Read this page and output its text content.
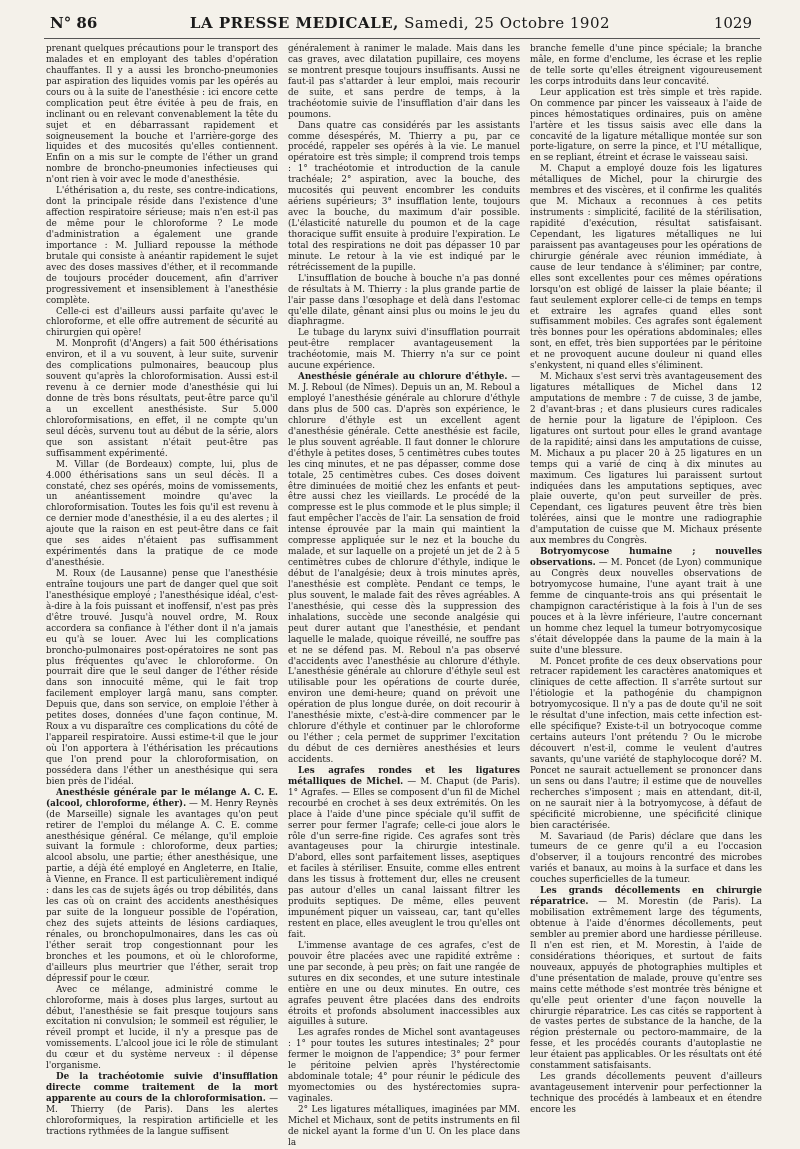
N° 86	LA PRESSE MEDICALE, Samedi, 25 Octobre 1902	1029

prenant quelques précautions pour le transport des malades et en employant des tables d'opération chauffantes. Il y a aussi les broncho-pneumonies par aspiration des liquides vomis par les opérés au cours ou à la suite de l'anesthésie : ici encore cette complication peut être évitée à peu de frais, en inclinant ou en relevant convenablement la tête du sujet et en débarrassant rapidement et soigneusement la bouche et l'arrière-gorge des liquides et des mucosités qu'elles contiennent. Enfin on a mis sur le compte de l'éther un grand nombre de broncho-pneumonies infectieuses qui n'ont rien à voir avec le mode d'anesthésie.

L'éthérisation a, du reste, ses contre-indications, dont la principale réside dans l'existence d'une affection respiratoire sérieuse; mais n'en est-il pas de même pour le chloroforme ? Le mode d'administration a également une grande importance : M. Julliard repousse la méthode brutale qui consiste à anéantir rapidement le sujet avec des doses massives d'éther, et il recommande de toujours procéder doucement, afin d'arriver progressivement et insensiblement à l'anesthésie complète.

Celle-ci est d'ailleurs aussi parfaite qu'avec le chloroforme, et elle offre autrement de sécurité au chirurgien qui opère!

M. Monprofit (d'Angers) a fait 500 éthérisations environ, et il a vu souvent, à leur suite, survenir des complications pulmonaires, beaucoup plus souvent qu'après la chloroformisation. Aussi est-il revenu à ce dernier mode d'anesthésie qui lui donne de très bons résultats, peut-être parce qu'il a un excellent anesthésiste. Sur 5.000 chloroformisations, en effet, il ne compte qu'un seul décès, survenu tout au début de la série, alors que son assistant n'était peut-être pas suffisamment expérimenté.

M. Villar (de Bordeaux) compte, lui, plus de 4.000 éthérisations sans un seul décès. Il a constaté, chez ses opérés, moins de vomissements, un anéantissement moindre qu'avec la chloroformisation. Toutes les fois qu'il est revenu à ce dernier mode d'anesthésie, il a eu des alertes ; il ajoute que la raison en est peut-être dans ce fait que ses aides n'étaient pas suffisamment expérimentés dans la pratique de ce mode d'anesthésie.

M. Roux (de Lausanne) pense que l'anesthésie entraîne toujours une part de danger quel que soit l'anesthésique employé ; l'anesthésique idéal, c'est-à-dire à la fois puissant et inoffensif, n'est pas près d'être trouvé. Jusqu'à nouvel ordre, M. Roux accordera sa confiance à l'éther dont il n'a jamais eu qu'à se louer. Avec lui les complications broncho-pulmonaires post-opératoires ne sont pas plus fréquentes qu'avec le chloroforme. On pourrait dire que le seul danger de l'éther réside dans son innocuité même, qui le fait trop facilement employer largâ manu, sans compter. Depuis que, dans son service, on emploie l'éther à petites doses, données d'une façon continue, M. Roux a vu disparaître ces complications du côté de l'appareil respiratoire. Aussi estime-t-il que le jour où l'on apportera à l'éthérisation les précautions que l'on prend pour la chloroformisation, on possédera dans l'éther un anesthésique qui sera bien près de l'idéal.

Anesthésie générale par le mélange A. C. E. (alcool, chloroforme, éther). — M. Henry Reynès (de Marseille) signale les avantages qu'on peut retirer de l'emploi du mélange A. C. E. comme anesthésique général. Ce mélange, qu'il emploie suivant la formule : chloroforme, deux parties; alcool absolu, une partie; éther anesthésique, une partie, a déjà été employé en Angleterre, en Italie, à Vienne, en France. Il est particulièrement indiqué : dans les cas de sujets âgés ou trop débilités, dans les cas où on craint des accidents anesthésiques par suite de la longueur possible de l'opération, chez des sujets atteints de lésions cardiaques, rénales, ou bronchopulmonaires, dans les cas où l'éther serait trop congestionnant pour les bronches et les poumons, et où le chloroforme, d'ailleurs plus meurtrier que l'éther, serait trop dépressif pour le cœur.

Avec ce mélange, administré comme le chloroforme, mais à doses plus larges, surtout au début, l'anesthésie se fait presque toujours sans excitation ni convulsion; le sommeil est régulier, le réveil prompt et lucide, il n'y a presque pas de vomissements. L'alcool joue ici le rôle de stimulant du cœur et du système nerveux : il dépense l'organisme.

De la trachéotomie suivie d'insufflation directe comme traitement de la mort apparente au cours de la chloroformisation. — M. Thierry (de Paris). Dans les alertes chloroformiques, la respiration artificielle et les tractions rythmées de la langue suffisent

généralement à ranimer le malade. Mais dans les cas graves, avec dilatation pupillaire, ces moyens se montrent presque toujours insuffisants. Aussi ne faut-il pas s'attarder à leur emploi, mais recourir de suite, et sans perdre de temps, à la trachéotomie suivie de l'insufflation d'air dans les poumons.

Dans quatre cas considérés par les assistants comme désespérés, M. Thierry a pu, par ce procédé, rappeler ses opérés à la vie. Le manuel opératoire est très simple; il comprend trois temps : 1° trachéotomie et introduction de la canule trachéale; 2° aspiration, avec la bouche, des mucosités qui peuvent encombrer les conduits aériens supérieurs; 3° insufflation lente, toujours avec la bouche, du maximum d'air possible. (L'élasticité naturelle du poumon et de la cage thoracique suffit ensuite à produire l'expiration. Le total des respirations ne doit pas dépasser 10 par minute. Le retour à la vie est indiqué par le rétrécissement de la pupille.

L'insufflation de bouche à bouche n'a pas donné de résultats à M. Thierry : la plus grande partie de l'air passe dans l'œsophage et delà dans l'estomac qu'elle dilate, gênant ainsi plus ou moins le jeu du diaphragme.

Le tubage du larynx suivi d'insufflation pourrait peut-être remplacer avantageusement la trachéotomie, mais M. Thierry n'a sur ce point aucune expérience.

Anesthésie générale au chlorure d'éthyle. — M. J. Reboul (de Nîmes). Depuis un an, M. Reboul a employé l'anesthésie générale au chlorure d'éthyle dans plus de 500 cas. D'après son expérience, le chlorure d'éthyle est un excellent agent d'anesthésie générale. Cette anesthésie est facile, le plus souvent agréable. Il faut donner le chlorure d'éthyle à petites doses, 5 centimètres cubes toutes les cinq minutes, et ne pas dépasser, comme dose totale, 25 centimètres cubes. Ces doses doivent être diminuées de moitié chez les enfants et peut-être aussi chez les vieillards. Le procédé de la compresse est le plus commode et le plus simple; il faut empêcher l'accès de l'air. La sensation de froid intense éprouvée par la main qui maintient la compresse appliquée sur le nez et la bouche du malade, et sur laquelle on a projeté un jet de 2 à 5 centimètres cubes de chlorure d'éthyle, indique le début de l'analgésie; deux à trois minutes après, l'anesthésie est complète. Pendant ce temps, le plus souvent, le malade fait des rêves agréables. A l'anesthésie, qui cesse dès la suppression des inhalations, succède une seconde analgésie qui peut durer autant que l'anesthésie, et pendant laquelle le malade, quoique réveillé, ne souffre pas et ne se défend pas. M. Reboul n'a pas observé d'accidents avec l'anesthésie au chlorure d'éthyle. L'anesthésie générale au chlorure d'éthyle seul est utilisable pour les opérations de courte durée, environ une demi-heure; quand on prévoit une opération de plus longue durée, on doit recourir à l'anesthésie mixte, c'est-à-dire commencer par le chlorure d'éthyle et continuer par le chloroforme ou l'éther ; cela permet de supprimer l'excitation du début de ces dernières anesthésies et leurs accidents.

Les agrafes rondes et les ligatures métalliques de Michel. — M. Chaput (de Paris). 1° Agrafes. — Elles se composent d'un fil de Michel recourbé en crochet à ses deux extrémités. On les place à l'aide d'une pince spéciale qu'il suffit de serrer pour fermer l'agrafe; celle-ci joue alors le rôle d'un serre-fine rigide. Ces agrafes sont très avantageuses pour la chirurgie intestinale. D'abord, elles sont parfaitement lisses, aseptiques et faciles à stériliser. Ensuite, comme elles entrent dans les tissus à frottement dur, elles ne creusent pas autour d'elles un canal laissant filtrer les produits septiques. De même, elles peuvent impunément piquer un vaisseau, car, tant qu'elles restent en place, elles aveuglent le trou qu'elles ont fait.

L'immense avantage de ces agrafes, c'est de pouvoir être placées avec une rapidité extrême : une par seconde, à peu près; on fait une rangée de sutures en dix secondes, et une suture intestinale entière en une ou deux minutes. En outre, ces agrafes peuvent être placées dans des endroits étroits et profonds absolument inaccessibles aux aiguilles à suture.

Les agrafes rondes de Michel sont avantageuses : 1° pour toutes les sutures intestinales; 2° pour fermer le moignon de l'appendice; 3° pour fermer le péritoine pelvien après l'hystérectomie abdominale totale; 4° pour réunir le pédicule des myomectomies ou des hystérectomies supra-vaginales.

2° Les ligatures métalliques, imaginées par MM. Michel et Michaux, sont de petits instruments en fil de nickel ayant la forme d'un U. On les place dans la

branche femelle d'une pince spéciale; la branche mâle, en forme d'enclume, les écrase et les replie de telle sorte qu'elles étreignent vigoureusement les corps introduits dans leur concavité.

Leur application est très simple et très rapide. On commence par pincer les vaisseaux à l'aide de pinces hémostatiques ordinaires, puis on amène l'artère et les tissus saisis avec elle dans la concavité de la ligature métallique montée sur son porte-ligature, on serre la pince, et l'U métallique, en se repliant, étreint et écrase le vaisseau saisi.

M. Chaput a employé douze fois les ligatures métalliques de Michel, pour la chirurgie des membres et des viscères, et il confirme les qualités que M. Michaux a reconnues à ces petits instruments : simplicité, facilité de la stérilisation, rapidité d'exécution, résultat satisfaisant. Cependant, les ligatures métalliques ne lui paraissent pas avantageuses pour les opérations de chirurgie générale avec réunion immédiate, à cause de leur tendance à s'éliminer; par contre, elles sont excellentes pour ces mêmes opérations lorsqu'on est obligé de laisser la plaie béante; il faut seulement explorer celle-ci de temps en temps et extraire les agrafes quand elles sont suffisamment mobiles. Ces agrafes sont également très bonnes pour les opérations abdominales; elles sont, en effet, très bien supportées par le péritoine et ne provoquent aucune douleur ni quand elles s'enkystent, ni quand elles s'éliminent.

M. Michaux s'est servi très avantageusement des ligatures métalliques de Michel dans 12 amputations de membre : 7 de cuisse, 3 de jambe, 2 d'avant-bras ; et dans plusieurs cures radicales de hernie pour la ligature de l'épiploon. Ces ligatures ont surtout pour elles le grand avantage de la rapidité; ainsi dans les amputations de cuisse, M. Michaux a pu placer 20 à 25 ligatures en un temps qui a varié de cinq à dix minutes au maximum. Ces ligatures lui paraissent surtout indiquées dans les amputations septiques, avec plaie ouverte, qu'on peut surveiller de près. Cependant, ces ligatures peuvent être très bien tolérées, ainsi que le montre une radiographie d'amputation de cuisse que M. Michaux présente aux membres du Congrès.

Botryomycose humaine ; nouvelles observations. — M. Poncet (de Lyon) communique au Congrès deux nouvelles observations de botryomycose humaine, l'une ayant trait à une femme de cinquante-trois ans qui présentait le champignon caractéristique à la fois à l'un de ses pouces et à la lèvre inférieure, l'autre concernant un homme chez lequel la tumeur botryomycosique s'était développée dans la paume de la main à la suite d'une blessure.

M. Poncet profite de ces deux observations pour retracer rapidement les caractères anatomiques et cliniques de cette affection. Il s'arrête surtout sur l'étiologie et la pathogénie du champignon botryomycosique. Il n'y a pas de doute qu'il ne soit le résultat d'une infection, mais cette infection est-elle spécifique? Existe-t-il un botryocoque comme certains auteurs l'ont prétendu ? Ou le microbe découvert n'est-il, comme le veulent d'autres savants, qu'une variété de staphylocoque doré? M. Poncet ne saurait actuellement se prononcer dans un sens ou dans l'autre; il estime que de nouvelles recherches s'imposent ; mais en attendant, dit-il, on ne saurait nier à la botryomycose, à défaut de spécificité microbienne, une spécificité clinique bien caractérisée.

M. Savariaud (de Paris) déclare que dans les tumeurs de ce genre qu'il a eu l'occasion d'observer, il a toujours rencontré des microbes variés et banaux, au moins à la surface et dans les couches superficielles de la tumeur.

Les grands décollements en chirurgie réparatrice. — M. Morestin (de Paris). La mobilisation extrêmement large des téguments, obtenue à l'aide d'énormes décollements, peut sembler au premier abord une hardiesse périlleuse. Il n'en est rien, et M. Morestin, à l'aide de considérations théoriques, et surtout de faits nouveaux, appuyés de photographies multiples et d'une présentation de malade, prouve qu'entre ses mains cette méthode s'est montrée très bénigne et qu'elle peut orienter d'une façon nouvelle la chirurgie réparatrice. Les cas cités se rapportent à de vastes pertes de substance de la hanche, de la région présternale ou pectoro-mammaire, de la fesse, et les procédés courants d'autoplastie ne leur étaient pas applicables. Or les résultats ont été constamment satisfaisants.

Les grands décollements peuvent d'ailleurs avantageusement intervenir pour perfectionner la technique des procédés à lambeaux et en étendre encore les
